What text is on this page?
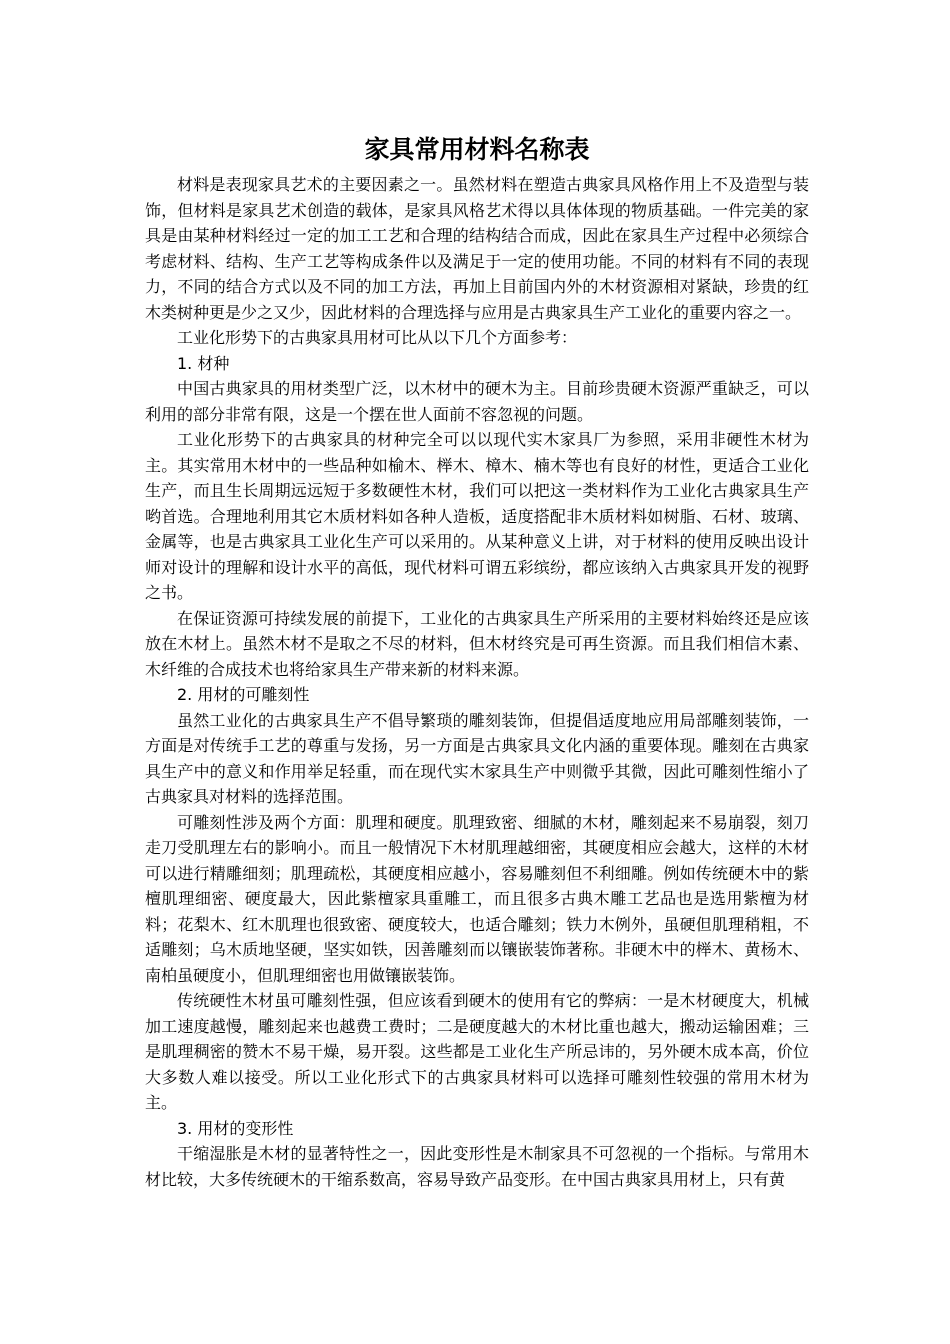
家具常用材料名称表

材料是表现家具艺术的主要因素之一。虽然材料在塑造古典家具风格作用上不及造型与装饰，但材料是家具艺术创造的载体，是家具风格艺术得以具体体现的物质基础。一件完美的家具是由某种材料经过一定的加工工艺和合理的结构结合而成，因此在家具生产过程中必须综合考虑材料、结构、生产工艺等构成条件以及满足于一定的使用功能。不同的材料有不同的表现力，不同的结合方式以及不同的加工方法，再加上目前国内外的木材资源相对紧缺，珍贵的红木类树种更是少之又少，因此材料的合理选择与应用是古典家具生产工业化的重要内容之一。

工业化形势下的古典家具用材可比从以下几个方面参考：

1. 材种

中国古典家具的用材类型广泛，以木材中的硬木为主。目前珍贵硬木资源严重缺乏，可以利用的部分非常有限，这是一个摆在世人面前不容忽视的问题。

工业化形势下的古典家具的材种完全可以以现代实木家具厂为参照，采用非硬性木材为主。其实常用木材中的一些品种如榆木、榉木、樟木、楠木等也有良好的材性，更适合工业化生产，而且生长周期远远短于多数硬性木材，我们可以把这一类材料作为工业化古典家具生产哟首选。合理地利用其它木质材料如各种人造板，适度搭配非木质材料如树脂、石材、玻璃、金属等，也是古典家具工业化生产可以采用的。从某种意义上讲，对于材料的使用反映出设计师对设计的理解和设计水平的高低，现代材料可谓五彩缤纷，都应该纳入古典家具开发的视野之书。

在保证资源可持续发展的前提下，工业化的古典家具生产所采用的主要材料始终还是应该放在木材上。虽然木材不是取之不尽的材料，但木材终究是可再生资源。而且我们相信木素、木纤维的合成技术也将给家具生产带来新的材料来源。

2. 用材的可雕刻性

虽然工业化的古典家具生产不倡导繁琐的雕刻装饰，但提倡适度地应用局部雕刻装饰，一方面是对传统手工艺的尊重与发扬，另一方面是古典家具文化内涵的重要体现。雕刻在古典家具生产中的意义和作用举足轻重，而在现代实木家具生产中则微乎其微，因此可雕刻性缩小了古典家具对材料的选择范围。

可雕刻性涉及两个方面：肌理和硬度。肌理致密、细腻的木材，雕刻起来不易崩裂，刻刀走刀受肌理左右的影响小。而且一般情况下木材肌理越细密，其硬度相应会越大，这样的木材可以进行精雕细刻；肌理疏松，其硬度相应越小，容易雕刻但不利细雕。例如传统硬木中的紫檀肌理细密、硬度最大，因此紫檀家具重雕工，而且很多古典木雕工艺品也是选用紫檀为材料；花梨木、红木肌理也很致密、硬度较大，也适合雕刻；铁力木例外，虽硬但肌理稍粗，不适雕刻；乌木质地坚硬，坚实如铁，因善雕刻而以镶嵌装饰著称。非硬木中的榉木、黄杨木、南柏虽硬度小，但肌理细密也用做镶嵌装饰。

传统硬性木材虽可雕刻性强，但应该看到硬木的使用有它的弊病：一是木材硬度大，机械加工速度越慢，雕刻起来也越费工费时；二是硬度越大的木材比重也越大，搬动运输困难；三是肌理稠密的赞木不易干燥，易开裂。这些都是工业化生产所忌讳的，另外硬木成本高，价位大多数人难以接受。所以工业化形式下的古典家具材料可以选择可雕刻性较强的常用木材为主。

3. 用材的变形性

干缩湿胀是木材的显著特性之一，因此变形性是木制家具不可忽视的一个指标。与常用木材比较，大多传统硬木的干缩系数高，容易导致产品变形。在中国古典家具用材上，只有黄
